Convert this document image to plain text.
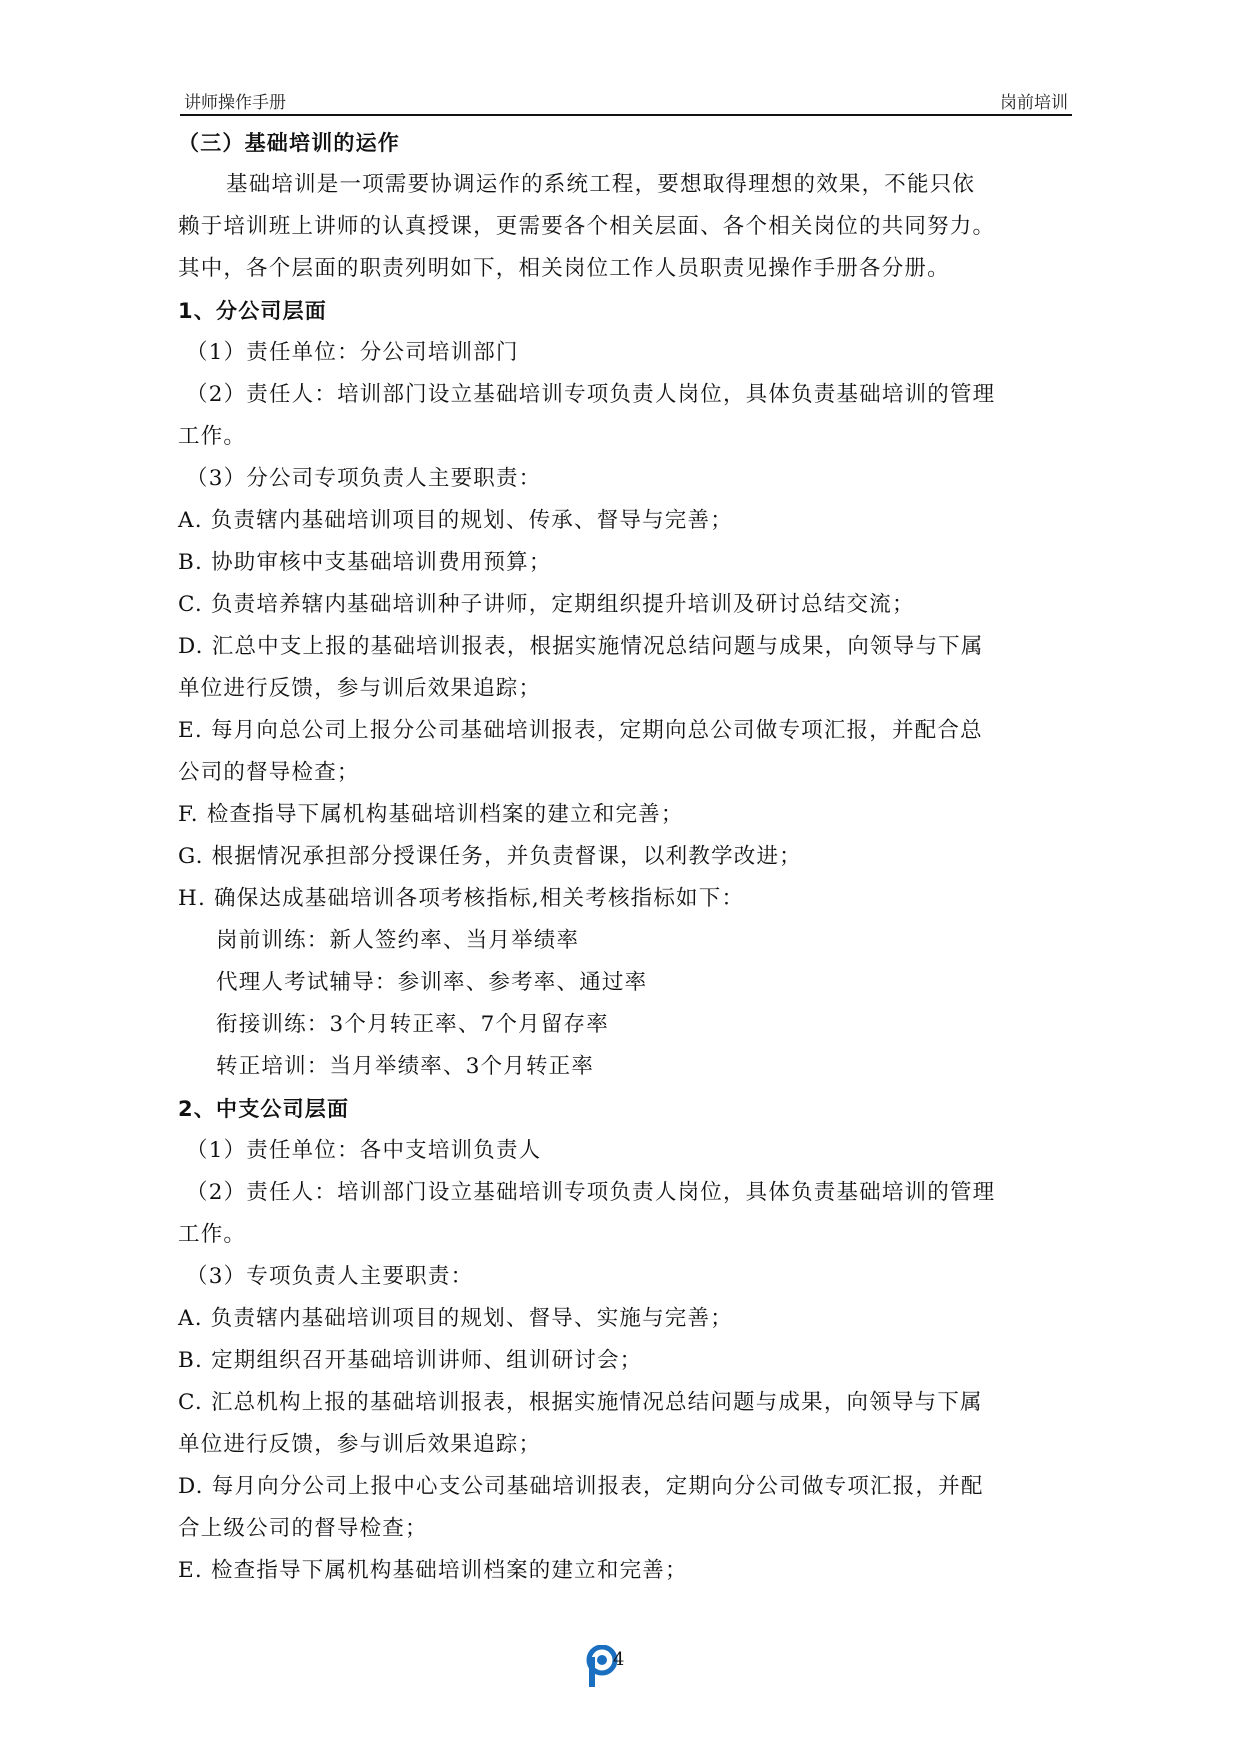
讲师操作手册	岗前培训
（三）基础培训的运作
基础培训是一项需要协调运作的系统工程，要想取得理想的效果，不能只依
赖于培训班上讲师的认真授课，更需要各个相关层面、各个相关岗位的共同努力。
其中，各个层面的职责列明如下，相关岗位工作人员职责见操作手册各分册。
1、分公司层面
（1）责任单位：分公司培训部门
（2）责任人：培训部门设立基础培训专项负责人岗位，具体负责基础培训的管理
工作。
（3）分公司专项负责人主要职责：
A. 负责辖内基础培训项目的规划、传承、督导与完善；
B. 协助审核中支基础培训费用预算；
C. 负责培养辖内基础培训种子讲师，定期组织提升培训及研讨总结交流；
D. 汇总中支上报的基础培训报表，根据实施情况总结问题与成果，向领导与下属
单位进行反馈，参与训后效果追踪；
E. 每月向总公司上报分公司基础培训报表，定期向总公司做专项汇报，并配合总
公司的督导检查；
F. 检查指导下属机构基础培训档案的建立和完善；
G. 根据情况承担部分授课任务，并负责督课，以利教学改进；
H. 确保达成基础培训各项考核指标,相关考核指标如下：
岗前训练：新人签约率、当月举绩率
代理人考试辅导：参训率、参考率、通过率
衔接训练：3个月转正率、7个月留存率
转正培训：当月举绩率、3个月转正率
2、中支公司层面
（1）责任单位：各中支培训负责人
（2）责任人：培训部门设立基础培训专项负责人岗位，具体负责基础培训的管理
工作。
（3）专项负责人主要职责：
A. 负责辖内基础培训项目的规划、督导、实施与完善；
B. 定期组织召开基础培训讲师、组训研讨会；
C. 汇总机构上报的基础培训报表，根据实施情况总结问题与成果，向领导与下属
单位进行反馈，参与训后效果追踪；
D. 每月向分公司上报中心支公司基础培训报表，定期向分公司做专项汇报，并配
合上级公司的督导检查；
E. 检查指导下属机构基础培训档案的建立和完善；
4
